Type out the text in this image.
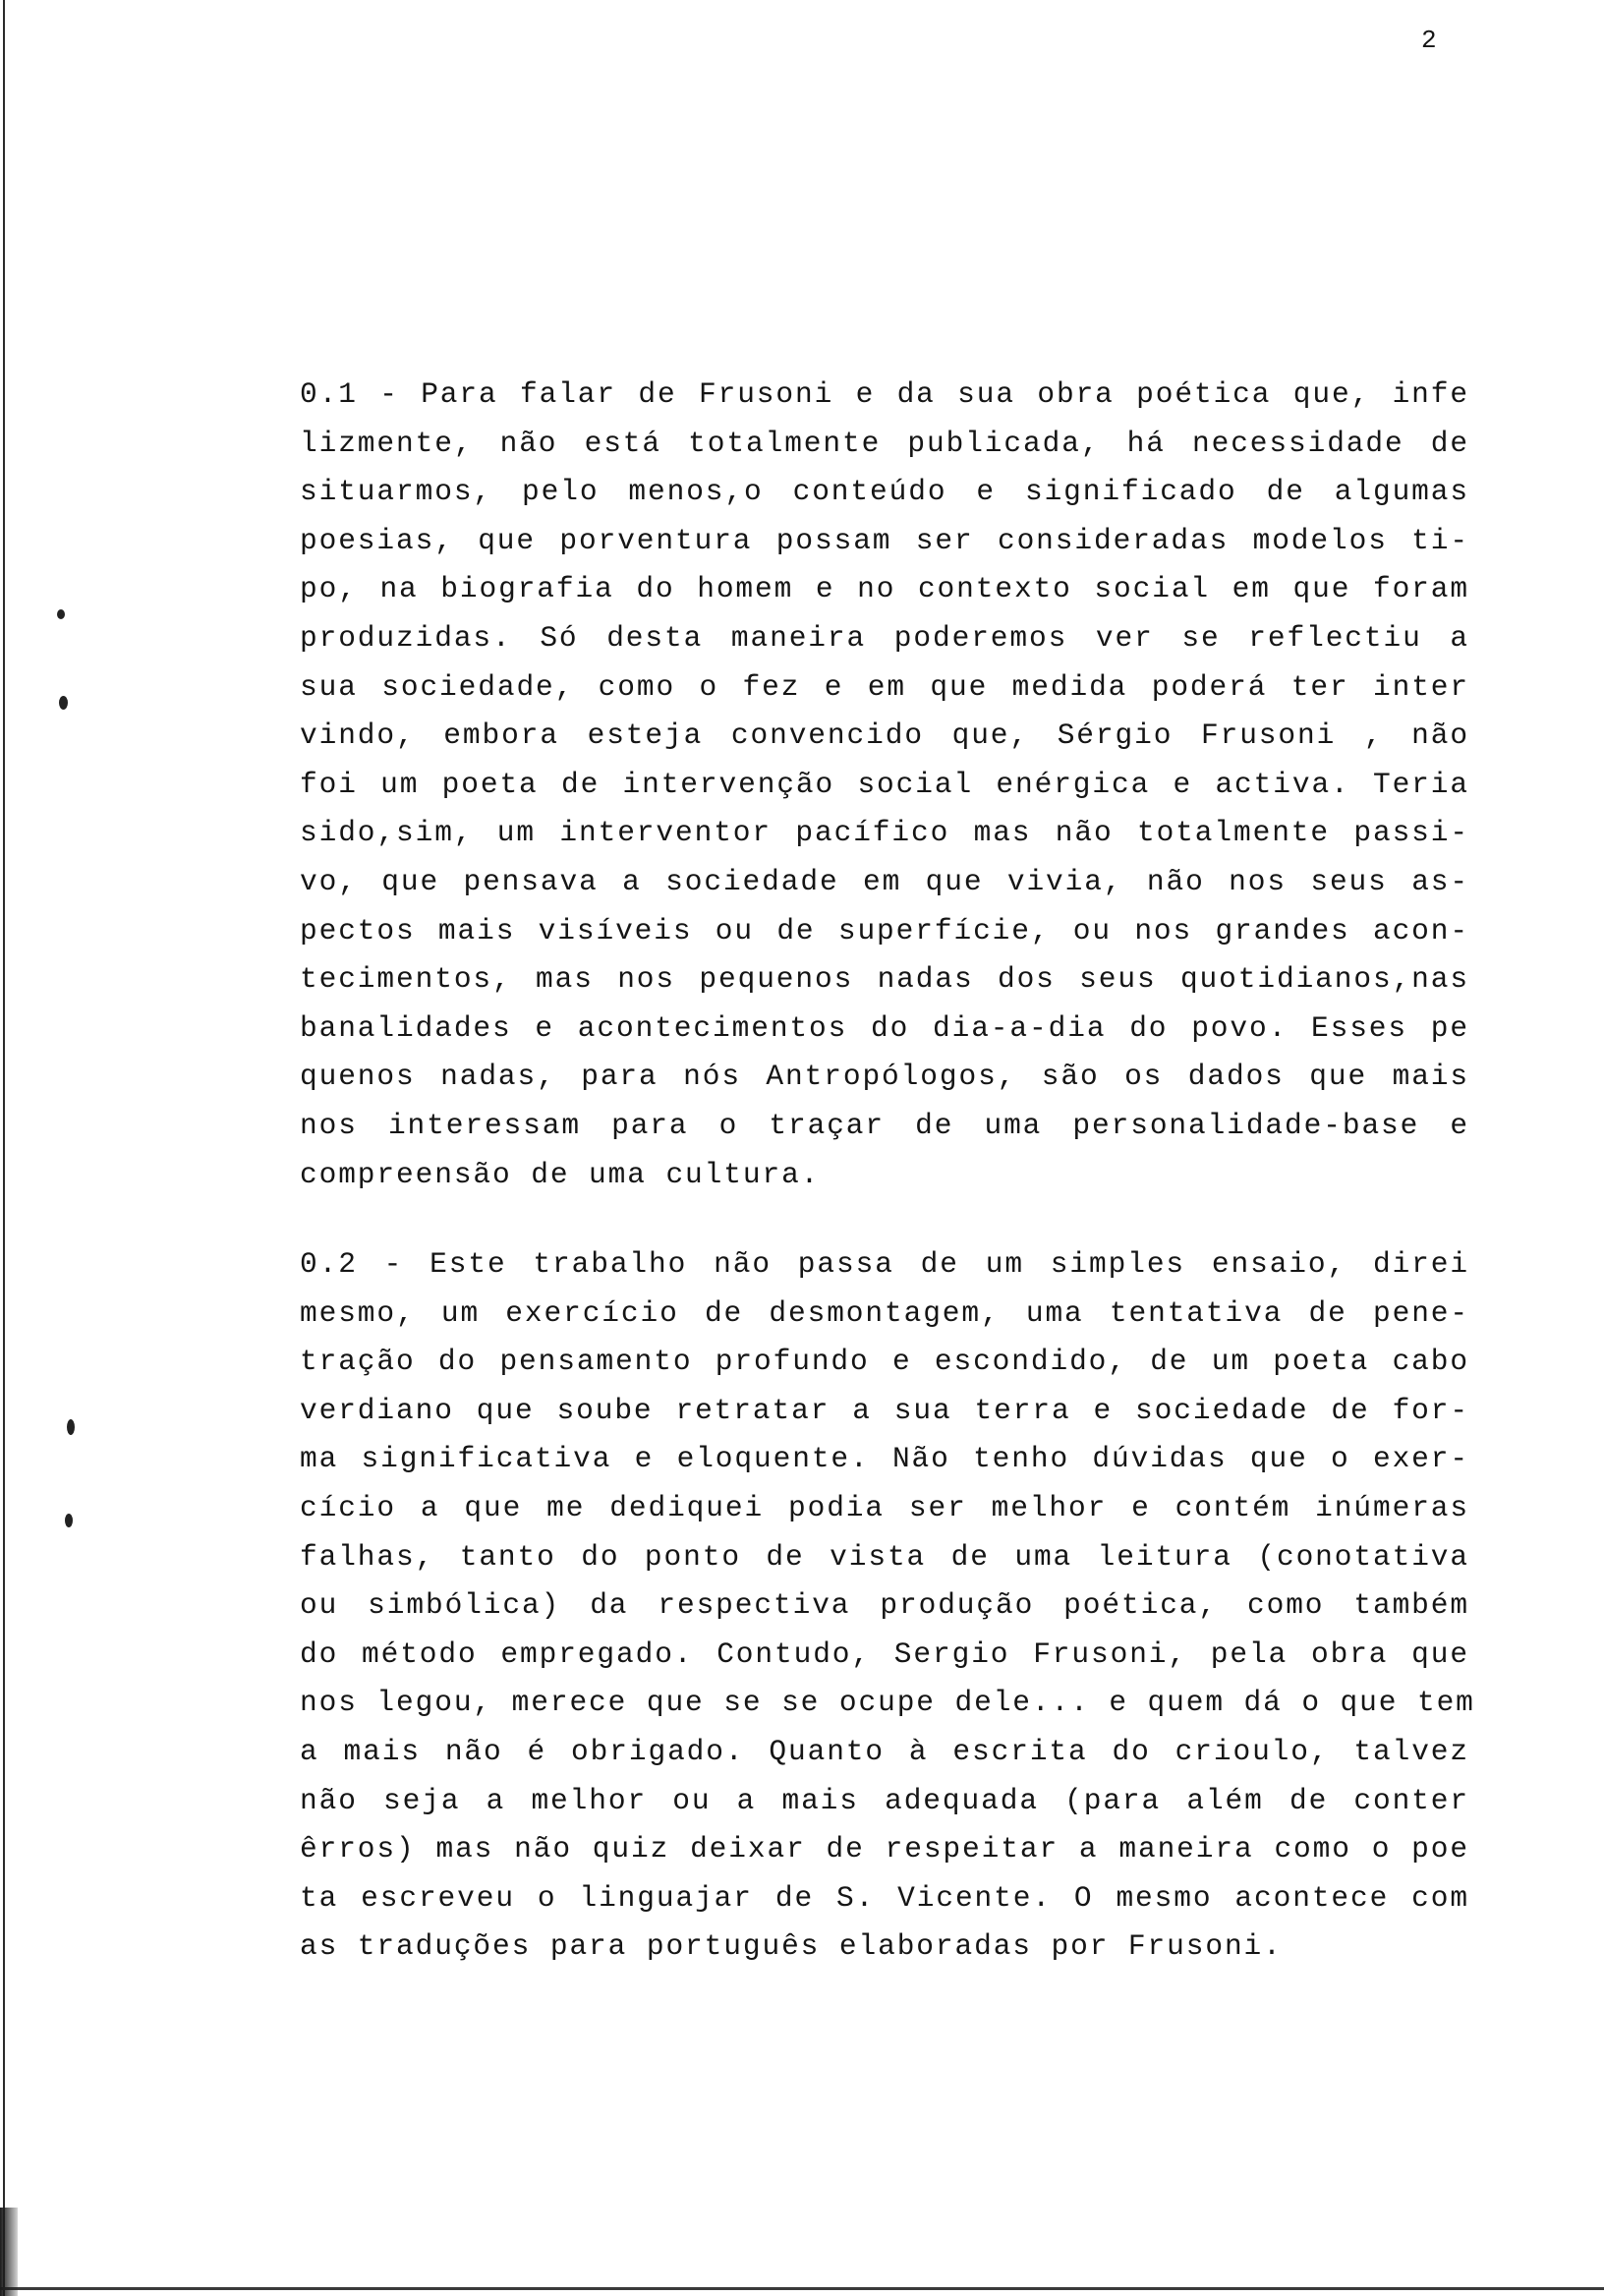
2
0.1 - Para falar de Frusoni e da sua obra poética que, infe
lizmente, não está totalmente publicada, há necessidade de
situarmos, pelo menos,o conteúdo e significado de algumas
poesias, que porventura possam ser consideradas modelos ti-
po, na biografia do homem e no contexto social em que foram
produzidas. Só desta maneira poderemos ver se reflectiu a
sua sociedade, como o fez e em que medida poderá ter inter
vindo, embora esteja convencido que, Sérgio Frusoni , não
foi um poeta de intervenção social enérgica e activa. Teria
sido,sim, um interventor pacífico mas não totalmente passi-
vo, que pensava a sociedade em que vivia, não nos seus as-
pectos mais visíveis ou de superfície, ou nos grandes acon-
tecimentos, mas nos pequenos nadas dos seus quotidianos,nas
banalidades e acontecimentos do dia-a-dia do povo. Esses pe
quenos nadas, para nós Antropólogos, são os dados que mais
nos interessam para o traçar de uma personalidade-base e
compreensão de uma cultura.
0.2 - Este trabalho não passa de um simples ensaio, direi
mesmo, um exercício de desmontagem, uma tentativa de pene-
tração do pensamento profundo e escondido, de um poeta cabo
verdiano que soube retratar a sua terra e sociedade de for-
ma significativa e eloquente. Não tenho dúvidas que o exer-
cício a que me dediquei podia ser melhor e contém inúmeras
falhas, tanto do ponto de vista de uma leitura (conotativa
ou simbólica) da respectiva produção poética, como também
do método empregado. Contudo, Sergio Frusoni, pela obra que
nos legou, merece que se se ocupe dele... e quem dá o que tem
a mais não é obrigado. Quanto à escrita do crioulo, talvez
não seja a melhor ou a mais adequada (para além de conter
êrros) mas não quiz deixar de respeitar a maneira como o poe
ta escreveu o linguajar de S. Vicente. O mesmo acontece com
as traduções para português elaboradas por Frusoni.
